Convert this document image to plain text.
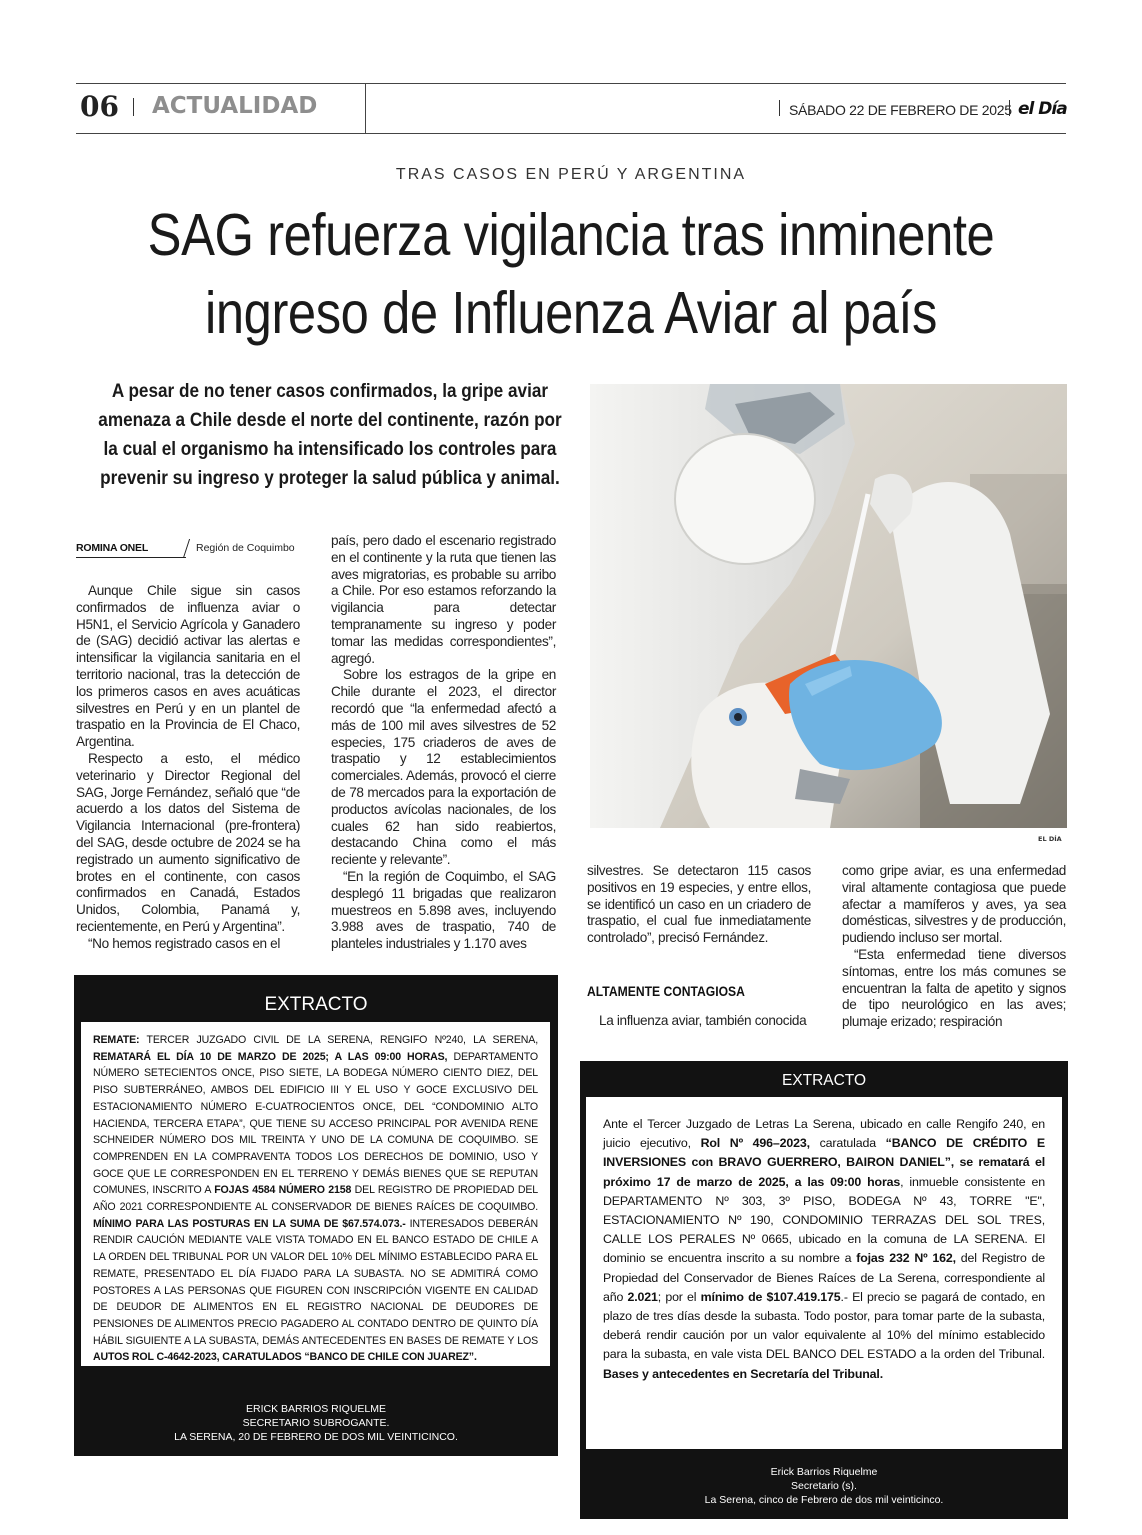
06 ACTUALIDAD	SÁBADO 22 DE FEBRERO DE 2025 el Día
TRAS CASOS EN PERÚ Y ARGENTINA
SAG refuerza vigilancia tras inminente
ingreso de Influenza Aviar al país
A pesar de no tener casos confirmados, la gripe aviar amenaza a Chile desde el norte del continente, razón por la cual el organismo ha intensificado los controles para prevenir su ingreso y proteger la salud pública y animal.
EL DÍA
ROMINA ONEL	Región de Coquimbo

Aunque Chile sigue sin casos confirmados de influenza aviar o H5N1, el Servicio Agrícola y Ganadero de (SAG) decidió activar las alertas e intensificar la vigilancia sanitaria en el territorio nacional, tras la detección de los primeros casos en aves acuáticas silvestres en Perú y en un plantel de traspatio en la Provincia de El Chaco, Argentina.

Respecto a esto, el médico veterinario y Director Regional del SAG, Jorge Fernández, señaló que “de acuerdo a los datos del Sistema de Vigilancia Internacional (pre-frontera) del SAG, desde octubre de 2024 se ha registrado un aumento significativo de brotes en el continente, con casos confirmados en Canadá, Estados Unidos, Colombia, Panamá y, recientemente, en Perú y Argentina”.

“No hemos registrado casos en el

país, pero dado el escenario registrado en el continente y la ruta que tienen las aves migratorias, es probable su arribo a Chile. Por eso estamos reforzando la vigilancia para detectar tempranamente su ingreso y poder tomar las medidas correspondientes”, agregó.

Sobre los estragos de la gripe en Chile durante el 2023, el director recordó que “la enfermedad afectó a más de 100 mil aves silvestres de 52 especies, 175 criaderos de aves de traspatio y 12 establecimientos comerciales. Además, provocó el cierre de 78 mercados para la exportación de productos avícolas nacionales, de los cuales 62 han sido reabiertos, destacando China como el más reciente y relevante”.

“En la región de Coquimbo, el SAG desplegó 11 brigadas que realizaron muestreos en 5.898 aves, incluyendo 3.988 aves de traspatio, 740 de planteles industriales y 1.170 aves

silvestres. Se detectaron 115 casos positivos en 19 especies, y entre ellos, se identificó un caso en un criadero de traspatio, el cual fue inmediatamente controlado”, precisó Fernández.

ALTAMENTE CONTAGIOSA

La influenza aviar, también conocida

como gripe aviar, es una enfermedad viral altamente contagiosa que puede afectar a mamíferos y aves, ya sea domésticas, silvestres y de producción, pudiendo incluso ser mortal.

“Esta enfermedad tiene diversos síntomas, entre los más comunes se encuentran la falta de apetito y signos de tipo neurológico en las aves; plumaje erizado; respiración

EXTRACTO
REMATE: TERCER JUZGADO CIVIL DE LA SERENA, RENGIFO Nº240, LA SERENA, REMATARÁ EL DÍA 10 DE MARZO DE 2025; A LAS 09:00 HORAS, DEPARTAMENTO NÚMERO SETECIENTOS ONCE, PISO SIETE, LA BODEGA NÚMERO CIENTO DIEZ, DEL PISO SUBTERRÁNEO, AMBOS DEL EDIFICIO III Y EL USO Y GOCE EXCLUSIVO DEL ESTACIONAMIENTO NÚMERO E-CUATROCIENTOS ONCE, DEL “CONDOMINIO ALTO HACIENDA, TERCERA ETAPA”, QUE TIENE SU ACCESO PRINCIPAL POR AVENIDA RENE SCHNEIDER NÚMERO DOS MIL TREINTA Y UNO DE LA COMUNA DE COQUIMBO. SE COMPRENDEN EN LA COMPRAVENTA TODOS LOS DERECHOS DE DOMINIO, USO Y GOCE QUE LE CORRESPONDEN EN EL TERRENO Y DEMÁS BIENES QUE SE REPUTAN COMUNES, INSCRITO A FOJAS 4584 NÚMERO 2158 DEL REGISTRO DE PROPIEDAD DEL AÑO 2021 CORRESPONDIENTE AL CONSERVADOR DE BIENES RAÍCES DE COQUIMBO. MÍNIMO PARA LAS POSTURAS EN LA SUMA DE $67.574.073.- INTERESADOS DEBERÁN RENDIR CAUCIÓN MEDIANTE VALE VISTA TOMADO EN EL BANCO ESTADO DE CHILE A LA ORDEN DEL TRIBUNAL POR UN VALOR DEL 10% DEL MÍNIMO ESTABLECIDO PARA EL REMATE, PRESENTADO EL DÍA FIJADO PARA LA SUBASTA. NO SE ADMITIRÁ COMO POSTORES A LAS PERSONAS QUE FIGUREN CON INSCRIPCIÓN VIGENTE EN CALIDAD DE DEUDOR DE ALIMENTOS EN EL REGISTRO NACIONAL DE DEUDORES DE PENSIONES DE ALIMENTOS PRECIO PAGADERO AL CONTADO DENTRO DE QUINTO DÍA HÁBIL SIGUIENTE A LA SUBASTA, DEMÁS ANTECEDENTES EN BASES DE REMATE Y LOS AUTOS ROL C-4642-2023, CARATULADOS “BANCO DE CHILE CON JUAREZ”.
ERICK BARRIOS RIQUELME
SECRETARIO SUBROGANTE.
LA SERENA, 20 DE FEBRERO DE DOS MIL VEINTICINCO.
EXTRACTO
Ante el Tercer Juzgado de Letras La Serena, ubicado en calle Rengifo 240, en juicio ejecutivo, Rol Nº 496–2023, caratulada “BANCO DE CRÉDITO E INVERSIONES con BRAVO GUERRERO, BAIRON DANIEL”, se rematará el próximo 17 de marzo de 2025, a las 09:00 horas, inmueble consistente en DEPARTAMENTO Nº 303, 3º PISO, BODEGA Nº 43, TORRE "E", ESTACIONAMIENTO Nº 190, CONDOMINIO TERRAZAS DEL SOL TRES, CALLE LOS PERALES Nº 0665, ubicado en la comuna de LA SERENA. El dominio se encuentra inscrito a su nombre a fojas 232 Nº 162, del Registro de Propiedad del Conservador de Bienes Raíces de La Serena, correspondiente al año 2.021; por el mínimo de $107.419.175.- El precio se pagará de contado, en plazo de tres días desde la subasta. Todo postor, para tomar parte de la subasta, deberá rendir caución por un valor equivalente al 10% del mínimo establecido para la subasta, en vale vista DEL BANCO DEL ESTADO a la orden del Tribunal. Bases y antecedentes en Secretaría del Tribunal.
Erick Barrios Riquelme
Secretario (s).
La Serena, cinco de Febrero de dos mil veinticinco.
